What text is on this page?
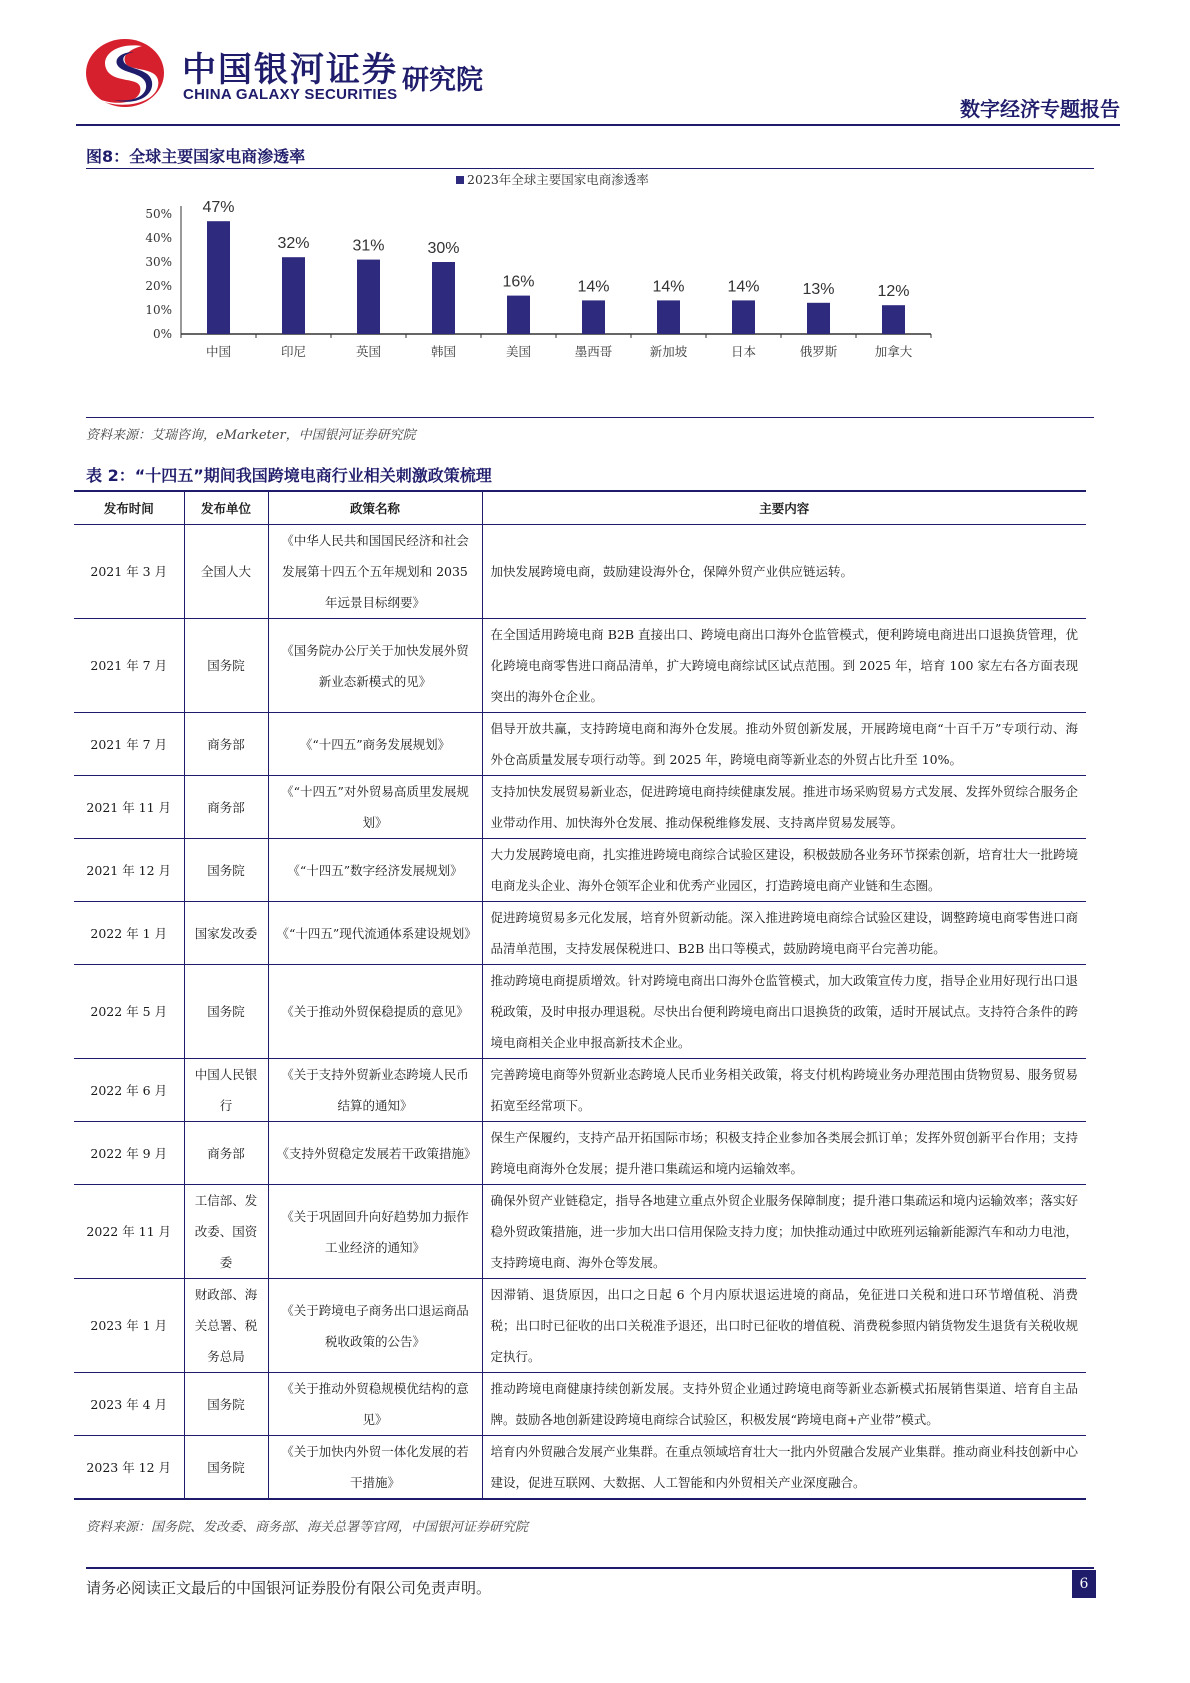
中国银河证券
CHINA GALAXY SECURITIES 研究院
数字经济专题报告
图8：全球主要国家电商渗透率
2023年全球主要国家电商渗透率
0%
10%
20%
30%
40%
50% 47%
32%	31%	30%
16%	14%	14%	14%	13%	12%
中国	印尼	英国	韩国	美国	墨西哥	新加坡	日本	俄罗斯	加拿大
资料来源：艾瑞咨询，eMarketer，中国银河证券研究院
表 2：“十四五”期间我国跨境电商行业相关刺激政策梳理
发布时间	发布单位	政策名称	主要内容
2021 年 3 月	全国人大	《中华人民共和国国民经济和社会发展第十四五个五年规划和 2035 年远景目标纲要》	加快发展跨境电商，鼓励建设海外仓，保障外贸产业供应链运转。
2021 年 7 月	国务院	《国务院办公厅关于加快发展外贸新业态新模式的见》	在全国适用跨境电商 B2B 直接出口、跨境电商出口海外仓监管模式，便利跨境电商进出口退换货管理，优化跨境电商零售进口商品清单，扩大跨境电商综试区试点范围。到 2025 年，培育 100 家左右各方面表现突出的海外仓企业。
2021 年 7 月	商务部	《“十四五”商务发展规划》	倡导开放共赢，支持跨境电商和海外仓发展。推动外贸创新发展，开展跨境电商“十百千万”专项行动、海外仓高质量发展专项行动等。到 2025 年，跨境电商等新业态的外贸占比升至 10%。
2021 年 11 月	商务部	《“十四五”对外贸易高质里发展规划》	支持加快发展贸易新业态，促进跨境电商持续健康发展。推进市场采购贸易方式发展、发挥外贸综合服务企业带动作用、加快海外仓发展、推动保税维修发展、支持离岸贸易发展等。
2021 年 12 月	国务院	《“十四五”数字经济发展规划》	大力发展跨境电商，扎实推进跨境电商综合试验区建设，积极鼓励各业务环节探索创新，培育壮大一批跨境电商龙头企业、海外仓领军企业和优秀产业园区，打造跨境电商产业链和生态圈。
2022 年 1 月	国家发改委	《“十四五”现代流通体系建设规划》	促进跨境贸易多元化发展，培育外贸新动能。深入推进跨境电商综合试验区建设，调整跨境电商零售进口商品清单范围，支持发展保税进口、B2B 出口等模式，鼓励跨境电商平台完善功能。
2022 年 5 月	国务院	《关于推动外贸保稳提质的意见》	推动跨境电商提质增效。针对跨境电商出口海外仓监管模式，加大政策宣传力度，指导企业用好现行出口退税政策，及时申报办理退税。尽快出台便利跨境电商出口退换货的政策，适时开展试点。支持符合条件的跨境电商相关企业申报高新技术企业。
2022 年 6 月	中国人民银行	《关于支持外贸新业态跨境人民币结算的通知》	完善跨境电商等外贸新业态跨境人民币业务相关政策，将支付机构跨境业务办理范围由货物贸易、服务贸易拓宽至经常项下。
2022 年 9 月	商务部	《支持外贸稳定发展若干政策措施》	保生产保履约，支持产品开拓国际市场；积极支持企业参加各类展会抓订单；发挥外贸创新平台作用；支持跨境电商海外仓发展；提升港口集疏运和境内运输效率。
2022 年 11 月	工信部、发改委、国资委	《关于巩固回升向好趋势加力振作工业经济的通知》	确保外贸产业链稳定，指导各地建立重点外贸企业服务保障制度；提升港口集疏运和境内运输效率；落实好稳外贸政策措施，进一步加大出口信用保险支持力度；加快推动通过中欧班列运输新能源汽车和动力电池，支持跨境电商、海外仓等发展。
2023 年 1 月	财政部、海关总署、税务总局	《关于跨境电子商务出口退运商品税收政策的公告》	因滞销、退货原因，出口之日起 6 个月内原状退运进境的商品，免征进口关税和进口环节增值税、消费税；出口时已征收的出口关税准予退还，出口时已征收的增值税、消费税参照内销货物发生退货有关税收规定执行。
2023 年 4 月	国务院	《关于推动外贸稳规模优结构的意见》	推动跨境电商健康持续创新发展。支持外贸企业通过跨境电商等新业态新模式拓展销售渠道、培育自主品牌。鼓励各地创新建设跨境电商综合试验区，积极发展“跨境电商+产业带”模式。
2023 年 12 月	国务院	《关于加快内外贸一体化发展的若干措施》	培育内外贸融合发展产业集群。在重点领域培育壮大一批内外贸融合发展产业集群。推动商业科技创新中心建设，促进互联网、大数据、人工智能和内外贸相关产业深度融合。
资料来源：国务院、发改委、商务部、海关总署等官网，中国银河证券研究院
请务必阅读正文最后的中国银河证券股份有限公司免责声明。	6
